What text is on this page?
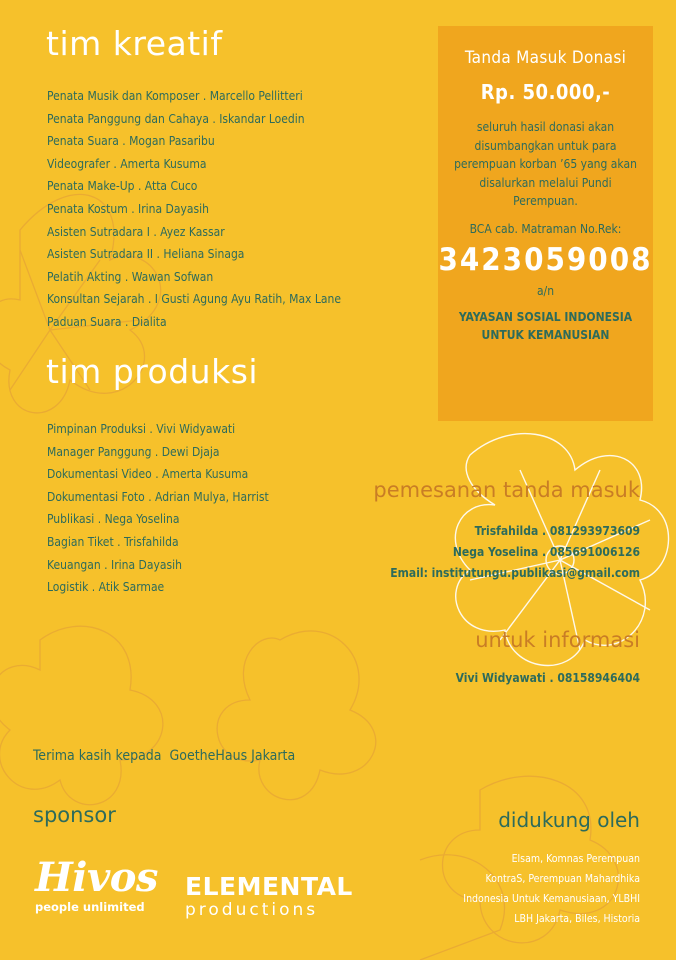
tim kreatif
Penata Musik dan Komposer . Marcello Pellitteri
Penata Panggung dan Cahaya . Iskandar Loedin
Penata Suara . Mogan Pasaribu
Videografer . Amerta Kusuma
Penata Make-Up . Atta Cuco
Penata Kostum . Irina Dayasih
Asisten Sutradara I . Ayez Kassar
Asisten Sutradara II . Heliana Sinaga
Pelatih Akting . Wawan Sofwan
Konsultan Sejarah . I Gusti Agung Ayu Ratih, Max Lane
Paduan Suara . Dialita
tim produksi
Pimpinan Produksi . Vivi Widyawati
Manager Panggung . Dewi Djaja
Dokumentasi Video . Amerta Kusuma
Dokumentasi Foto . Adrian Mulya, Harrist
Publikasi . Nega Yoselina
Bagian Tiket . Trisfahilda
Keuangan . Irina Dayasih
Logistik . Atik Sarmae
Tanda Masuk Donasi
Rp. 50.000,-
seluruh hasil donasi akan disumbangkan untuk para perempuan korban ’65 yang akan disalurkan melalui Pundi Perempuan.
BCA cab. Matraman No.Rek:
3423059008
a/n
YAYASAN SOSIAL INDONESIA
UNTUK KEMANUSIAN
pemesanan tanda masuk
Trisfahilda . 081293973609
Nega Yoselina . 085691006126
Email: institutungu.publikasi@gmail.com
untuk informasi
Vivi Widyawati . 08158946404
Terima kasih kepada GoetheHaus Jakarta
sponsor
Hivos
people unlimited
ELEMENTAL
productions
didukung oleh
Elsam, Komnas Perempuan
KontraS, Perempuan Mahardhika
Indonesia Untuk Kemanusiaan, YLBHI
LBH Jakarta, Biles, Historia
